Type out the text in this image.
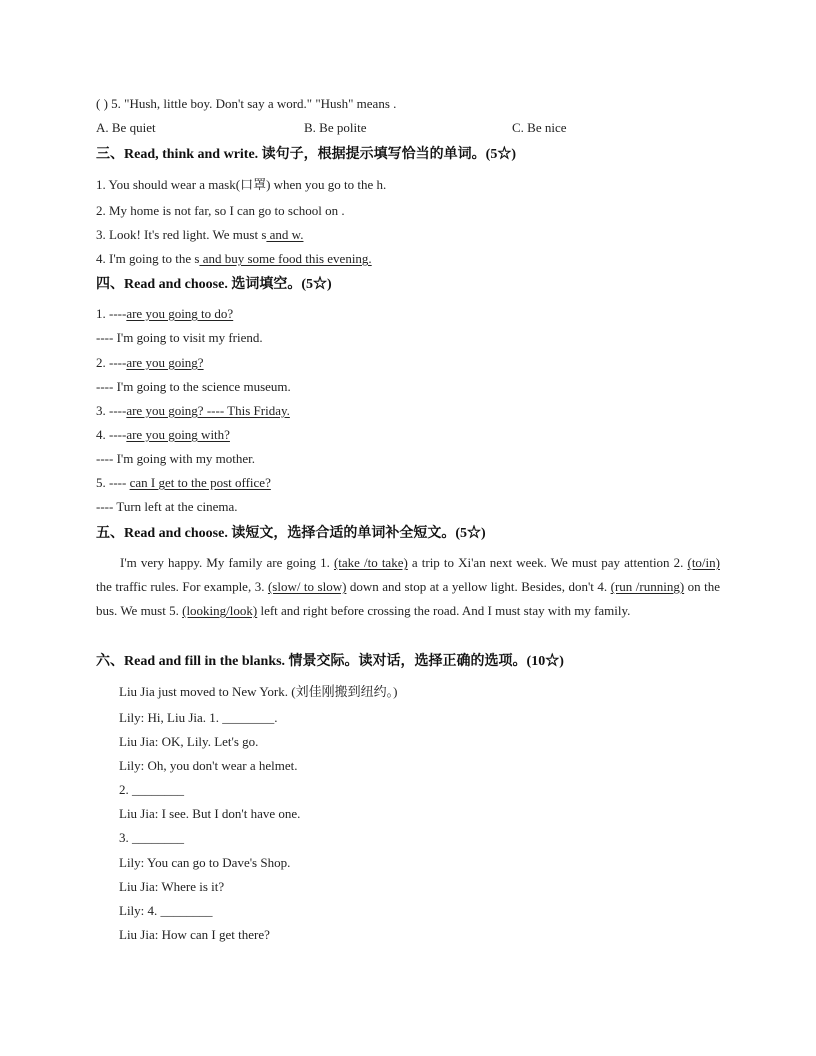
( ) 5. "Hush, little boy. Don't say a word." "Hush" means .
A. Be quiet	B. Be polite	C. Be nice
三、Read, think and write. 读句子，根据提示填写恰当的单词。(5☆)
1. You should wear a mask(口罩) when you go to the h.
2. My home is not far, so I can go to school on .
3. Look! It's red light. We must s and w.
4. I'm going to the s and buy some food this evening.
四、Read and choose. 选词填空。(5☆)
1. ----are you going to do?
---- I'm going to visit my friend.
2. ----are you going?
---- I'm going to the science museum.
3. ----are you going? ---- This Friday.
4. ----are you going with?
---- I'm going with my mother.
5. ---- can I get to the post office?
---- Turn left at the cinema.
五、Read and choose. 读短文，选择合适的单词补全短文。(5☆)
I'm very happy. My family are going 1. (take /to take) a trip to Xi'an next week. We must pay attention 2. (to/in) the traffic rules. For example, 3. (slow/ to slow) down and stop at a yellow light. Besides, don't 4. (run /running) on the bus. We must 5. (looking/look) left and right before crossing the road. And I must stay with my family.
六、Read and fill in the blanks. 情景交际。读对话，选择正确的选项。(10☆)
Liu Jia just moved to New York. (刘佳刚搬到纽约。)
Lily: Hi, Liu Jia. 1. ________.
Liu Jia: OK, Lily. Let's go.
Lily: Oh, you don't wear a helmet.
2. ________
Liu Jia: I see. But I don't have one.
3. ________
Lily: You can go to Dave's Shop.
Liu Jia: Where is it?
Lily: 4. ________
Liu Jia: How can I get there?
